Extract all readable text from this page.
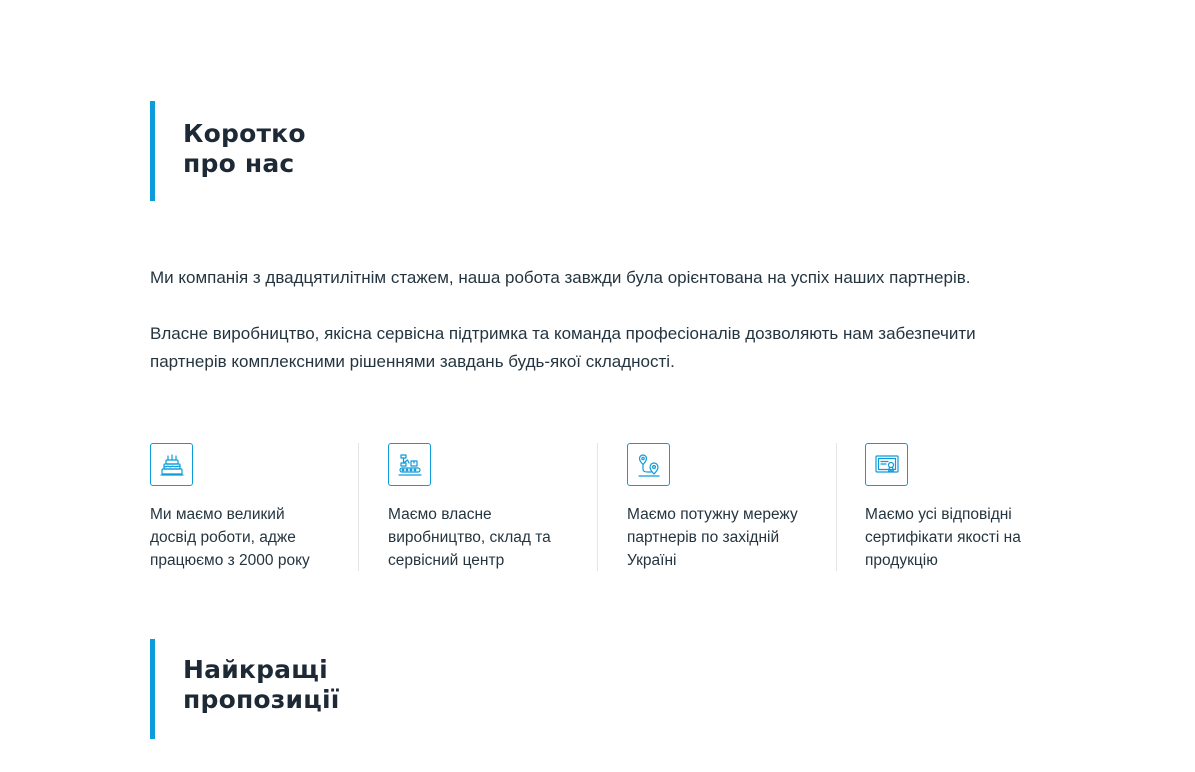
Коротко
про нас

Ми компанія з двадцятилітнім стажем, наша робота завжди була орієнтована на успіх наших партнерів.

Власне виробництво, якісна сервісна підтримка та команда професіоналів дозволяють нам забезпечити партнерів комплексними рішеннями завдань будь-якої складності.

Ми маємо великий досвід роботи, адже працюємо з 2000 року

Маємо власне виробництво, склад та сервісний центр

Маємо потужну мережу партнерів по західній Україні

Маємо усі відповідні сертифікати якості на продукцію

Найкращі
пропозиції
